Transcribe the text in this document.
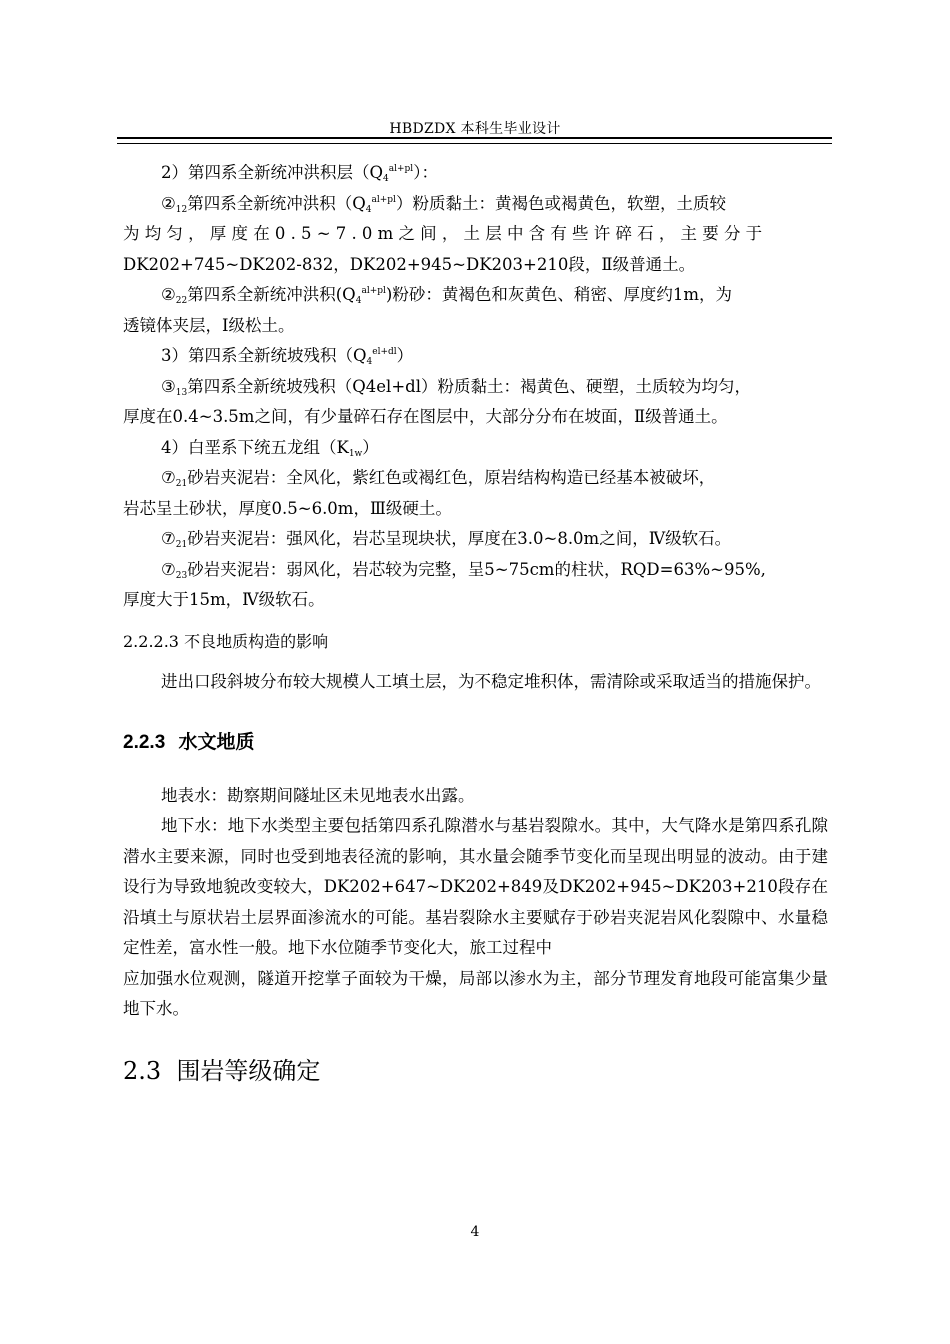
HBDZDX 本科生毕业设计

2）第四系全新统冲洪积层$(Q_4^{al+pl})$：

$②_{12}$第四系全新统冲洪积$(Q_4^{al+pl})$粉质黏土：黄褐色或褐黄色，软塑，土质较

为均匀，厚度在0.5~7.0m之间，土层中含有些许碎石，主要分于

DK202+745~DK202-832，DK202+945~DK203+210段，Ⅱ级普通土。

$②_{22}$第四系全新统冲洪积$(Q_4^{al+pl})$粉砂：黄褐色和灰黄色、稍密、厚度约1m，为

透镜体夹层，Ⅰ级松土。

3）第四系全新统坡残积$(Q_4^{el+dl})$

$③_{13}$第四系全新统坡残积（Q4el+dl）粉质黏土：褐黄色、硬塑，土质较为均匀，

厚度在0.4~3.5m之间，有少量碎石存在图层中，大部分分布在坡面，Ⅱ级普通土。

4）白垩系下统五龙组$(K_{1w})$

$⑦_{21}$砂岩夹泥岩：全风化，紫红色或褐红色，原岩结构构造已经基本被破坏，

岩芯呈土砂状，厚度0.5~6.0m，Ⅲ级硬土。

$⑦_{21}$砂岩夹泥岩：强风化，岩芯呈现块状，厚度在3.0~8.0m之间，Ⅳ级软石。

$⑦_{23}$砂岩夹泥岩：弱风化，岩芯较为完整，呈5~75cm的柱状，RQD=63%~95%,

厚度大于15m，Ⅳ级软石。

2.2.2.3 不良地质构造的影响

进出口段斜坡分布较大规模人工填土层，为不稳定堆积体，需清除或采取适当的措施保护。

2.2.3 水文地质

地表水：勘察期间隧址区未见地表水出露。

地下水：地下水类型主要包括第四系孔隙潜水与基岩裂隙水。其中，大气降水是第四系孔隙潜水主要来源，同时也受到地表径流的影响，其水量会随季节变化而呈现出明显的波动。由于建设行为导致地貌改变较大，DK202+647~DK202+849及DK202+945~DK203+210段存在沿填土与原状岩土层界面渗流水的可能。基岩裂除水主要赋存于砂岩夹泥岩风化裂隙中、水量稳定性差，富水性一般。地下水位随季节变化大，旅工过程中

应加强水位观测，隧道开挖掌子面较为干燥，局部以渗水为主，部分节理发育地段可能富集少量地下水。

2.3 围岩等级确定

4
